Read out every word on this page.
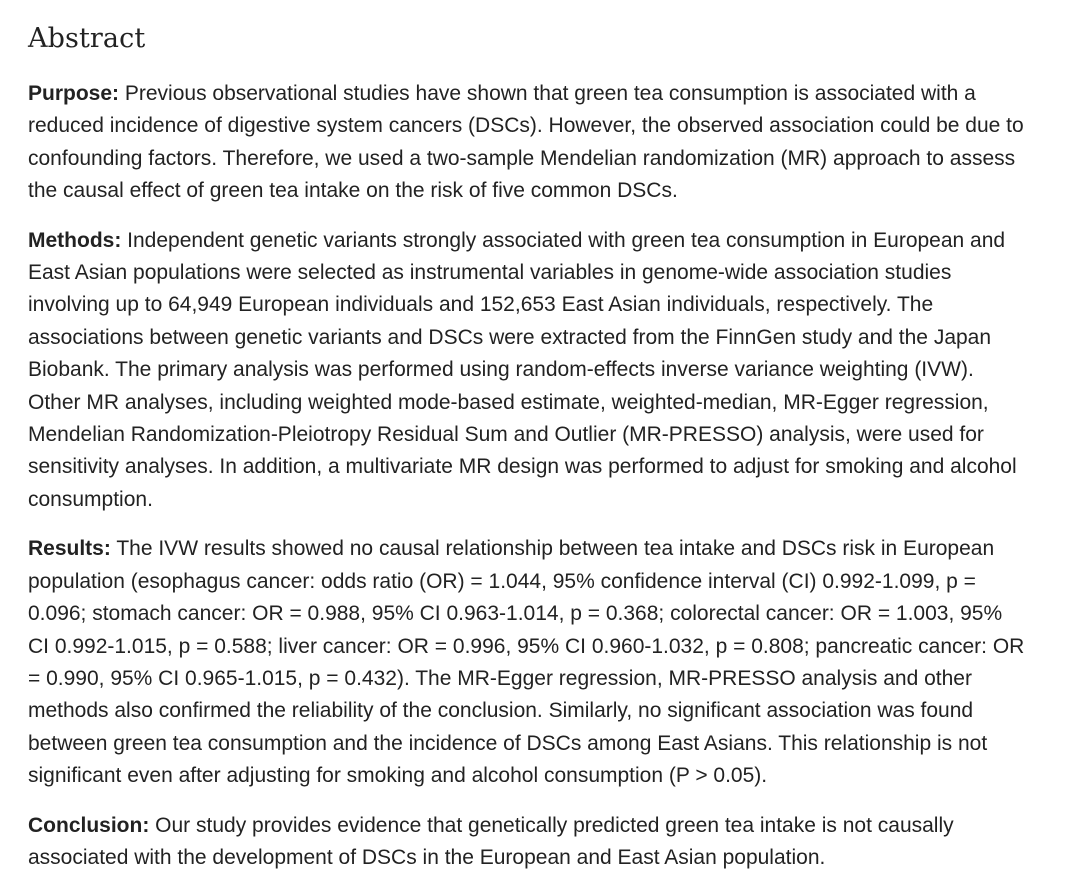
Abstract

Purpose: Previous observational studies have shown that green tea consumption is associated with a reduced incidence of digestive system cancers (DSCs). However, the observed association could be due to confounding factors. Therefore, we used a two-sample Mendelian randomization (MR) approach to assess the causal effect of green tea intake on the risk of five common DSCs.

Methods: Independent genetic variants strongly associated with green tea consumption in European and East Asian populations were selected as instrumental variables in genome-wide association studies involving up to 64,949 European individuals and 152,653 East Asian individuals, respectively. The associations between genetic variants and DSCs were extracted from the FinnGen study and the Japan Biobank. The primary analysis was performed using random-effects inverse variance weighting (IVW). Other MR analyses, including weighted mode-based estimate, weighted-median, MR-Egger regression, Mendelian Randomization-Pleiotropy Residual Sum and Outlier (MR-PRESSO) analysis, were used for sensitivity analyses. In addition, a multivariate MR design was performed to adjust for smoking and alcohol consumption.

Results: The IVW results showed no causal relationship between tea intake and DSCs risk in European population (esophagus cancer: odds ratio (OR) = 1.044, 95% confidence interval (CI) 0.992-1.099, p = 0.096; stomach cancer: OR = 0.988, 95% CI 0.963-1.014, p = 0.368; colorectal cancer: OR = 1.003, 95% CI 0.992-1.015, p = 0.588; liver cancer: OR = 0.996, 95% CI 0.960-1.032, p = 0.808; pancreatic cancer: OR = 0.990, 95% CI 0.965-1.015, p = 0.432). The MR-Egger regression, MR-PRESSO analysis and other methods also confirmed the reliability of the conclusion. Similarly, no significant association was found between green tea consumption and the incidence of DSCs among East Asians. This relationship is not significant even after adjusting for smoking and alcohol consumption (P > 0.05).

Conclusion: Our study provides evidence that genetically predicted green tea intake is not causally associated with the development of DSCs in the European and East Asian population.
